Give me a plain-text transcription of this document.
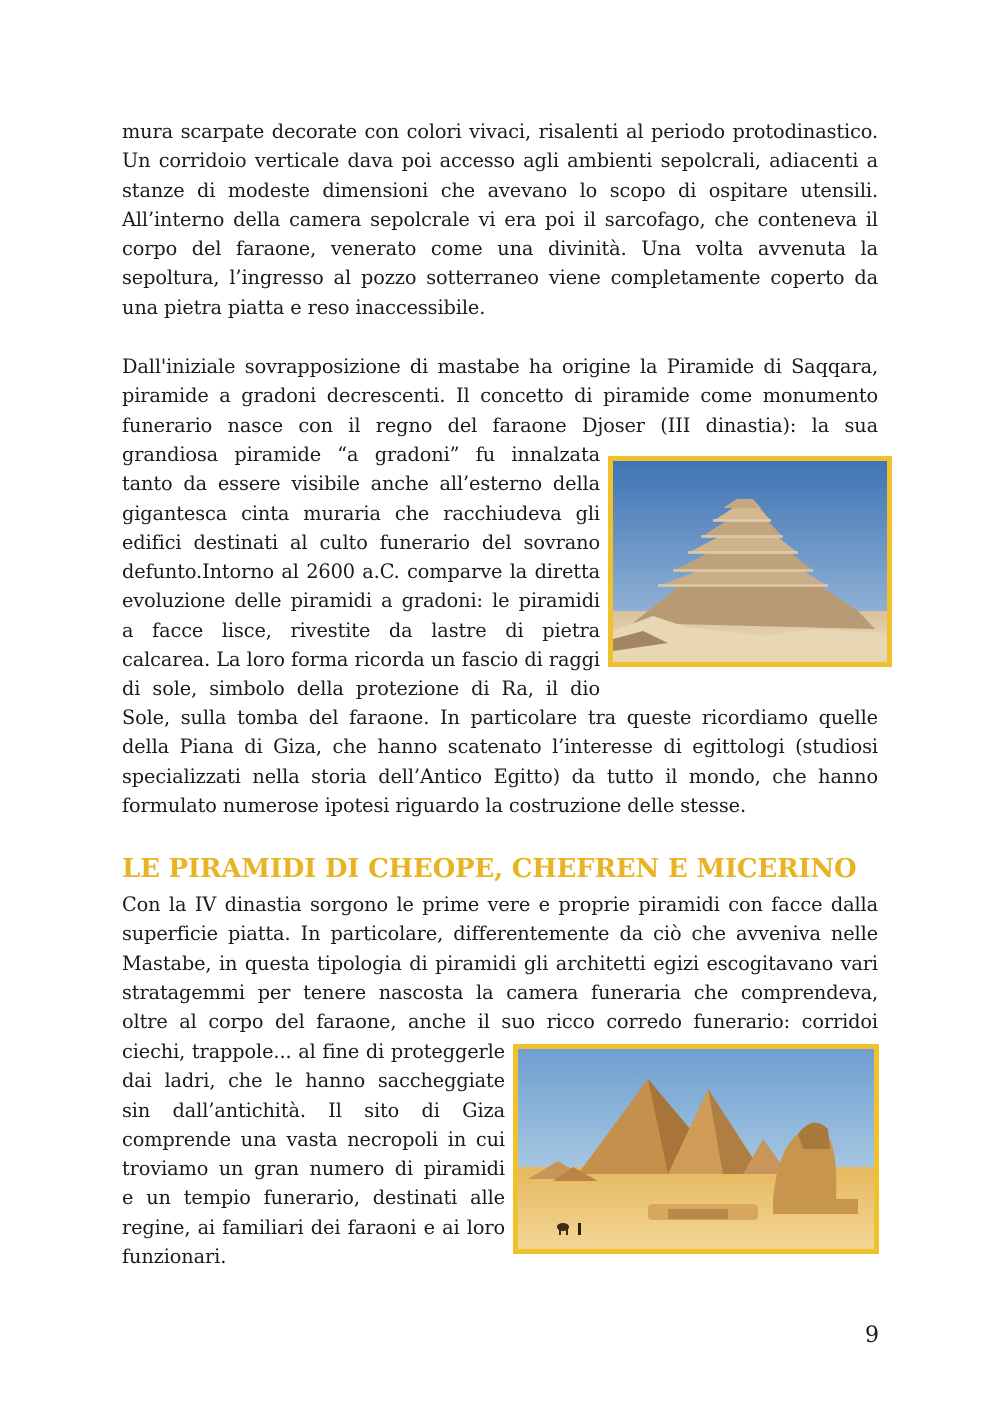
mura scarpate decorate con colori vivaci, risalenti al periodo protodinastico.
Un corridoio verticale dava poi accesso agli ambienti sepolcrali, adiacenti a
stanze di modeste dimensioni che avevano lo scopo di ospitare utensili.
All’interno della camera sepolcrale vi era poi il sarcofago, che conteneva il
corpo del faraone, venerato come una divinità. Una volta avvenuta la
sepoltura, l’ingresso al pozzo sotterraneo viene completamente coperto da
una pietra piatta e reso inaccessibile.
Dall'iniziale sovrapposizione di mastabe ha origine la Piramide di Saqqara,
piramide a gradoni decrescenti. Il concetto di piramide come monumento
funerario nasce con il regno del faraone Djoser (III dinastia): la sua
grandiosa piramide “a gradoni” fu innalzata
tanto da essere visibile anche all’esterno della
gigantesca cinta muraria che racchiudeva gli
edifici destinati al culto funerario del sovrano
defunto.Intorno al 2600 a.C. comparve la diretta
evoluzione delle piramidi a gradoni: le piramidi
a facce lisce, rivestite da lastre di pietra
calcarea. La loro forma ricorda un fascio di raggi
di sole, simbolo della protezione di Ra, il dio
Sole, sulla tomba del faraone. In particolare tra queste ricordiamo quelle
della Piana di Giza, che hanno scatenato l’interesse di egittologi (studiosi
specializzati nella storia dell’Antico Egitto) da tutto il mondo, che hanno
formulato numerose ipotesi riguardo la costruzione delle stesse.
LE PIRAMIDI DI CHEOPE, CHEFREN E MICERINO
Con la IV dinastia sorgono le prime vere e proprie piramidi con facce dalla
superficie piatta. In particolare, differentemente da ciò che avveniva nelle
Mastabe, in questa tipologia di piramidi gli architetti egizi escogitavano vari
stratagemmi per tenere nascosta la camera funeraria che comprendeva,
oltre al corpo del faraone, anche il suo ricco corredo funerario: corridoi
ciechi, trappole... al fine di proteggerle
dai ladri, che le hanno saccheggiate
sin dall’antichità. Il sito di Giza
comprende una vasta necropoli in cui
troviamo un gran numero di piramidi
e un tempio funerario, destinati alle
regine, ai familiari dei faraoni e ai loro
funzionari.
9
